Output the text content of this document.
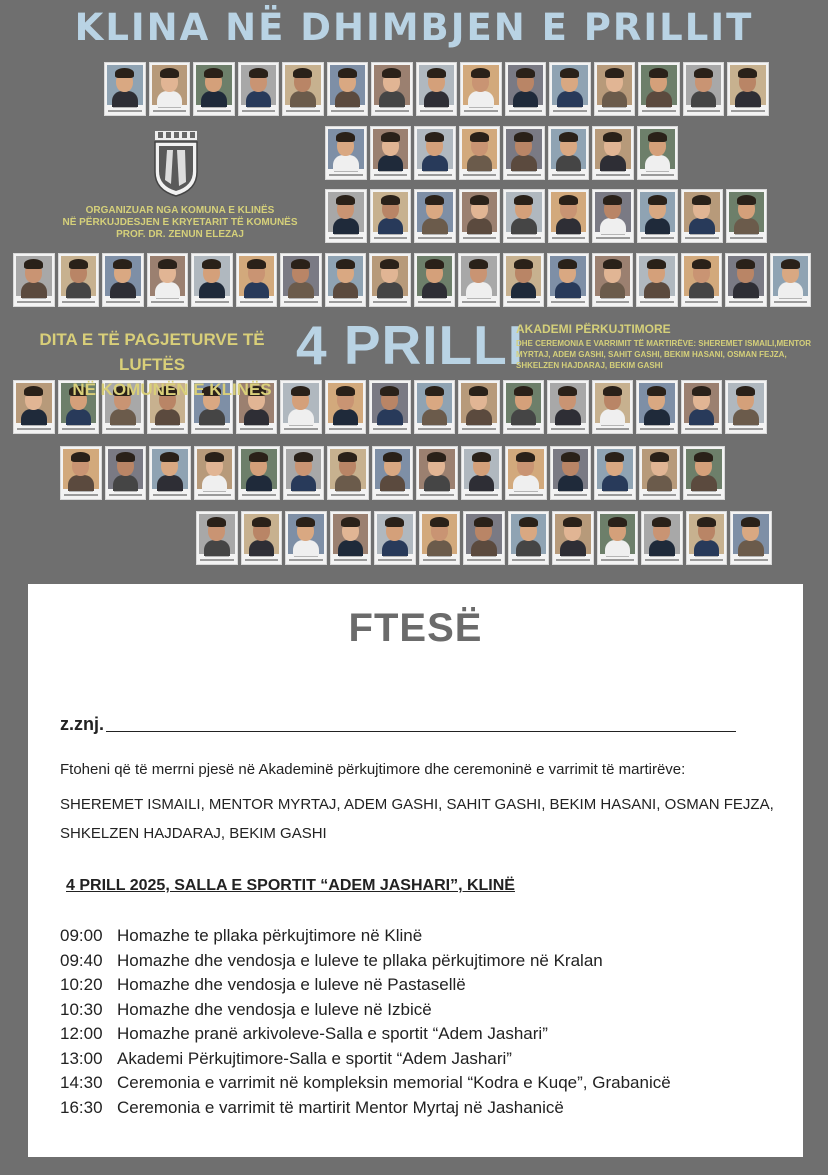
KLINA NË DHIMBJEN E PRILLIT
ORGANIZUAR NGA KOMUNA E KLINËS
NË PËRKUJDESJEN E KRYETARIT TË KOMUNËS
PROF. DR. ZENUN ELEZAJ
DITA E TË PAGJETURVE TË LUFTËS
NË KOMUNËN E KLINËS
4 PRILLI
AKADEMI PËRKUJTIMORE
DHE CEREMONIA E VARRIMIT TË MARTIRËVE: SHEREMET ISMAILI,MENTOR MYRTAJ, ADEM GASHI, SAHIT GASHI, BEKIM HASANI, OSMAN FEJZA, SHKELZEN HAJDARAJ, BEKIM GASHI
FTESË
z.znj.
Ftoheni që të merrni pjesë në Akademinë përkujtimore dhe ceremoninë e varrimit të martirëve:
SHEREMET ISMAILI, MENTOR MYRTAJ, ADEM GASHI, SAHIT GASHI, BEKIM HASANI, OSMAN FEJZA, SHKELZEN HAJDARAJ, BEKIM GASHI
4 PRILL 2025, SALLA E SPORTIT “ADEM JASHARI”, KLINË
09:00 Homazhe te pllaka përkujtimore në Klinë
09:40 Homazhe dhe vendosja e luleve te pllaka përkujtimore në Kralan
10:20 Homazhe dhe vendosja e luleve në Pastasellë
10:30 Homazhe dhe vendosja e luleve në Izbicë
12:00 Homazhe pranë arkivoleve-Salla e sportit “Adem Jashari”
13:00 Akademi Përkujtimore-Salla e sportit “Adem Jashari”
14:30 Ceremonia e varrimit në kompleksin memorial “Kodra e Kuqe”, Grabanicë
16:30 Ceremonia e varrimit të martirit Mentor Myrtaj në Jashanicë
